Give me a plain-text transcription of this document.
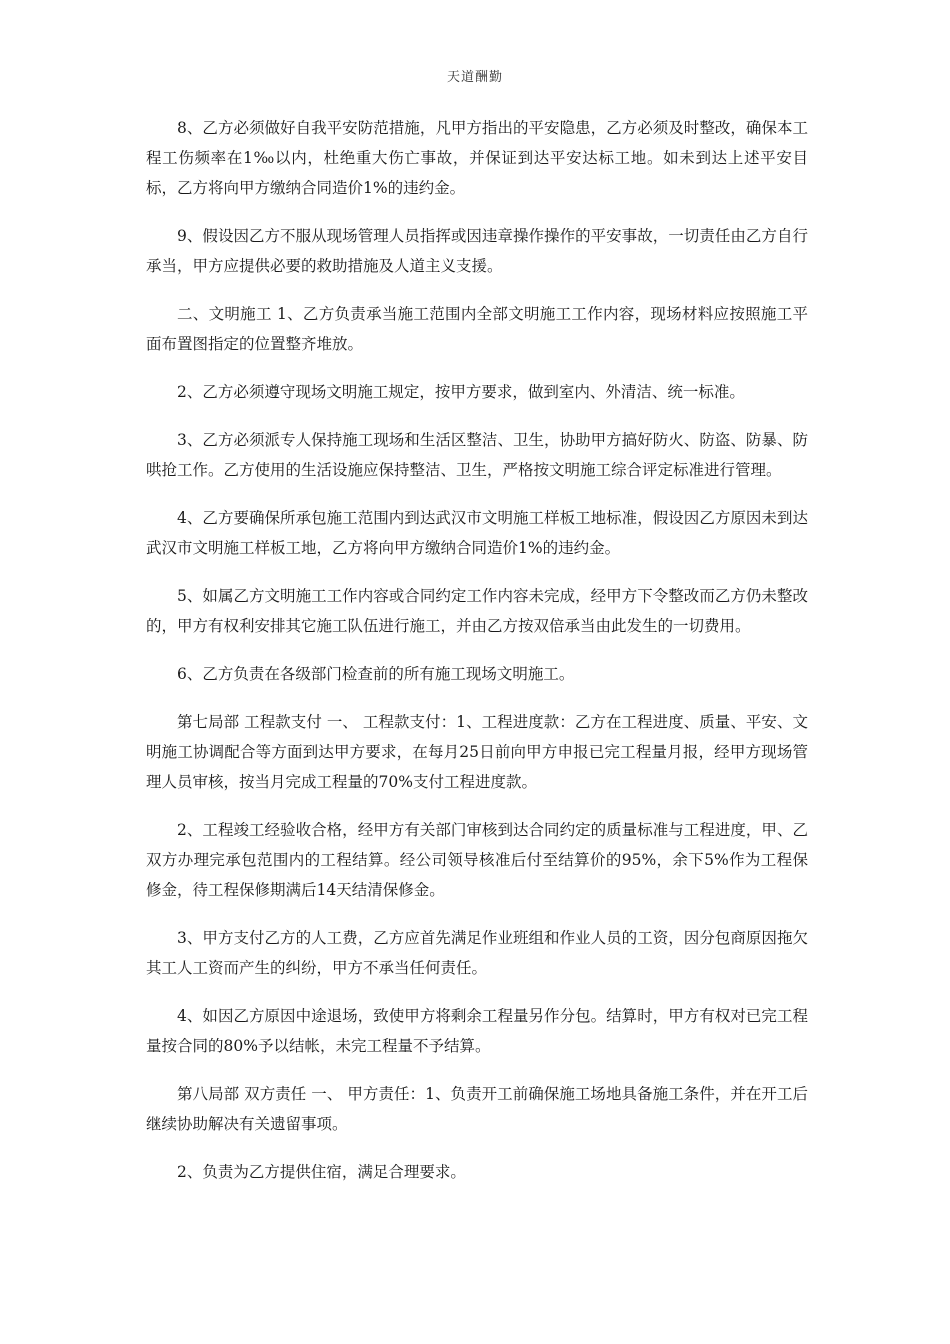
天道酬勤

8、乙方必须做好自我平安防范措施，凡甲方指出的平安隐患，乙方必须及时整改，确保本工程工伤频率在1‰以内，杜绝重大伤亡事故，并保证到达平安达标工地。如未到达上述平安目标，乙方将向甲方缴纳合同造价1%的违约金。

9、假设因乙方不服从现场管理人员指挥或因违章操作操作的平安事故，一切责任由乙方自行承当，甲方应提供必要的救助措施及人道主义支援。

二、文明施工 1、乙方负责承当施工范围内全部文明施工工作内容，现场材料应按照施工平面布置图指定的位置整齐堆放。

2、乙方必须遵守现场文明施工规定，按甲方要求，做到室内、外清洁、统一标准。

3、乙方必须派专人保持施工现场和生活区整洁、卫生，协助甲方搞好防火、防盗、防暴、防哄抢工作。乙方使用的生活设施应保持整洁、卫生，严格按文明施工综合评定标准进行管理。

4、乙方要确保所承包施工范围内到达武汉市文明施工样板工地标准，假设因乙方原因未到达武汉市文明施工样板工地，乙方将向甲方缴纳合同造价1%的违约金。

5、如属乙方文明施工工作内容或合同约定工作内容未完成，经甲方下令整改而乙方仍未整改的，甲方有权利安排其它施工队伍进行施工，并由乙方按双倍承当由此发生的一切费用。

6、乙方负责在各级部门检查前的所有施工现场文明施工。

第七局部 工程款支付 一、 工程款支付：1、工程进度款：乙方在工程进度、质量、平安、文明施工协调配合等方面到达甲方要求，在每月25日前向甲方申报已完工程量月报，经甲方现场管理人员审核，按当月完成工程量的70%支付工程进度款。

2、工程竣工经验收合格，经甲方有关部门审核到达合同约定的质量标准与工程进度，甲、乙双方办理完承包范围内的工程结算。经公司领导核准后付至结算价的95%，余下5%作为工程保修金，待工程保修期满后14天结清保修金。

3、甲方支付乙方的人工费，乙方应首先满足作业班组和作业人员的工资，因分包商原因拖欠其工人工资而产生的纠纷，甲方不承当任何责任。

4、如因乙方原因中途退场，致使甲方将剩余工程量另作分包。结算时，甲方有权对已完工程量按合同的80%予以结帐，未完工程量不予结算。

第八局部 双方责任 一、 甲方责任：1、负责开工前确保施工场地具备施工条件，并在开工后继续协助解决有关遗留事项。

2、负责为乙方提供住宿，满足合理要求。
